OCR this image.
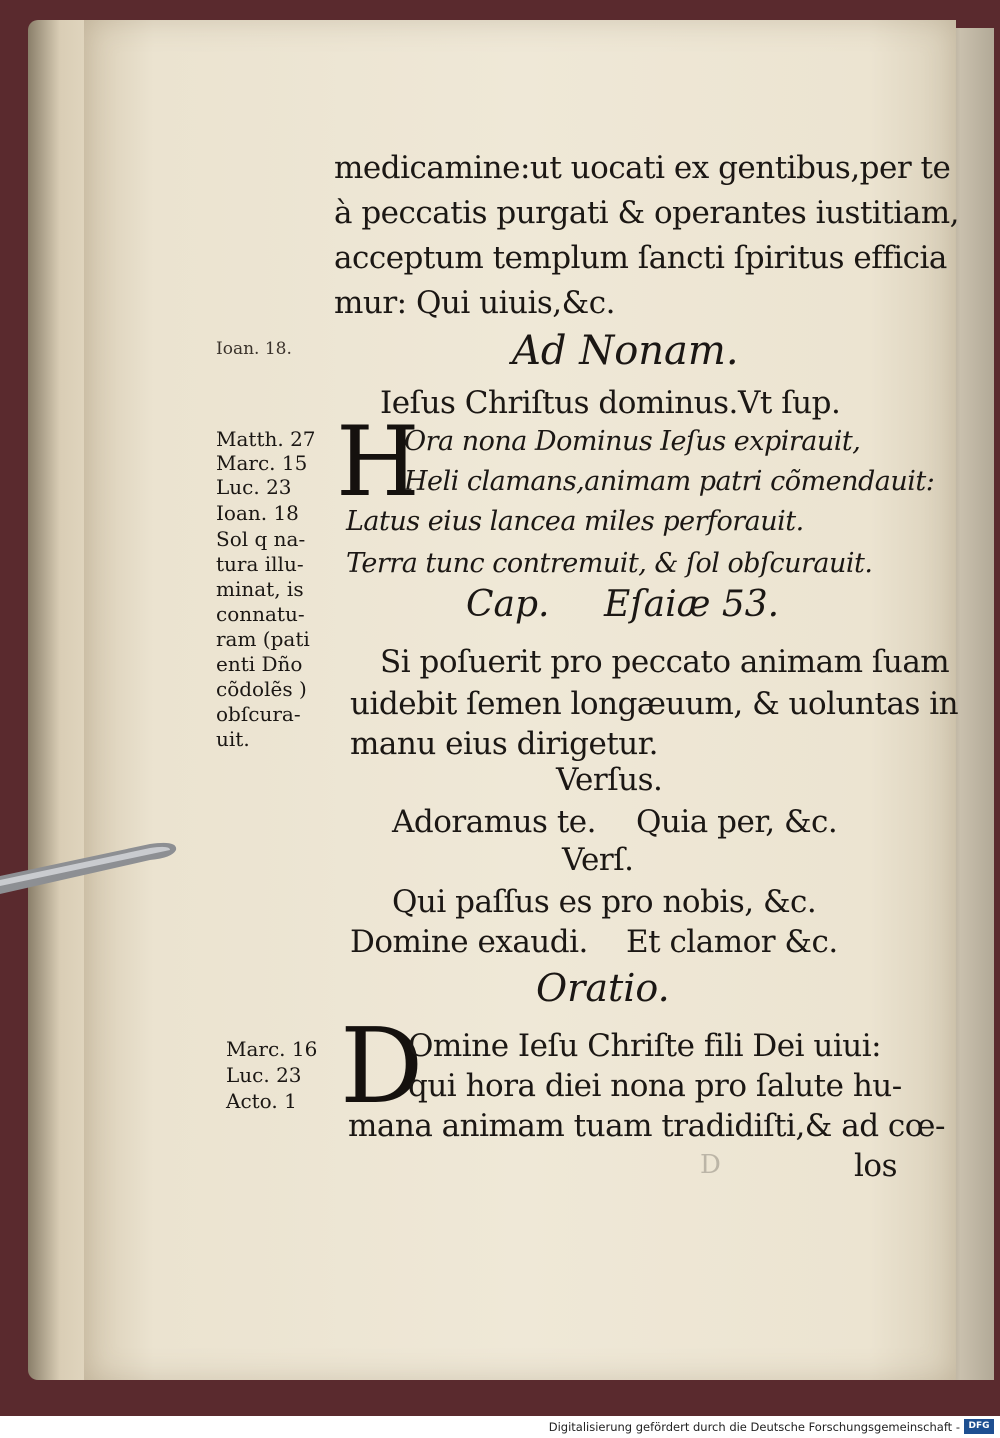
medicamine:ut uocati ex gentibus,per te
à peccatis purgati & operantes iustitiam,
acceptum templum ſancti ſpiritus efficia
mur: Qui uiuis,&c.
Ioan. 18.	Ad Nonam.
Ieſus Chriſtus dominus. Vt ſup.
Matth. 27
Marc. 15
Luc. 23
Ioan. 18
Sol q na-
tura illu-
minat, is
connatu-
ram (pati
enti Dño
cõdolẽs )
obſcura-
uit.
H
Ora nona Dominus Ieſus expirauit,
Heli clamans,animam patri cõmendauit:
Latus eius lancea miles perforauit.
Terra tunc contremuit, & ſol obſcurauit.
Cap. Eſaiæ 53.
Si poſuerit pro peccato animam ſuam
uidebit ſemen longæuum, & uoluntas in
manu eius dirigetur.
Verſus.
Adoramus te. Quia per, &c.
Verſ.
Qui paſſus es pro nobis, &c.
Domine exaudi. Et clamor &c.
Oratio.
Marc. 16
Luc. 23
Acto. 1 D
Omine Ieſu Chriſte fili Dei uiui:
qui hora diei nona pro ſalute hu-
mana animam tuam tradidiſti,& ad cœ-
los
D
Digitalisierung gefördert durch die Deutsche Forschungsgemeinschaft - DFG
